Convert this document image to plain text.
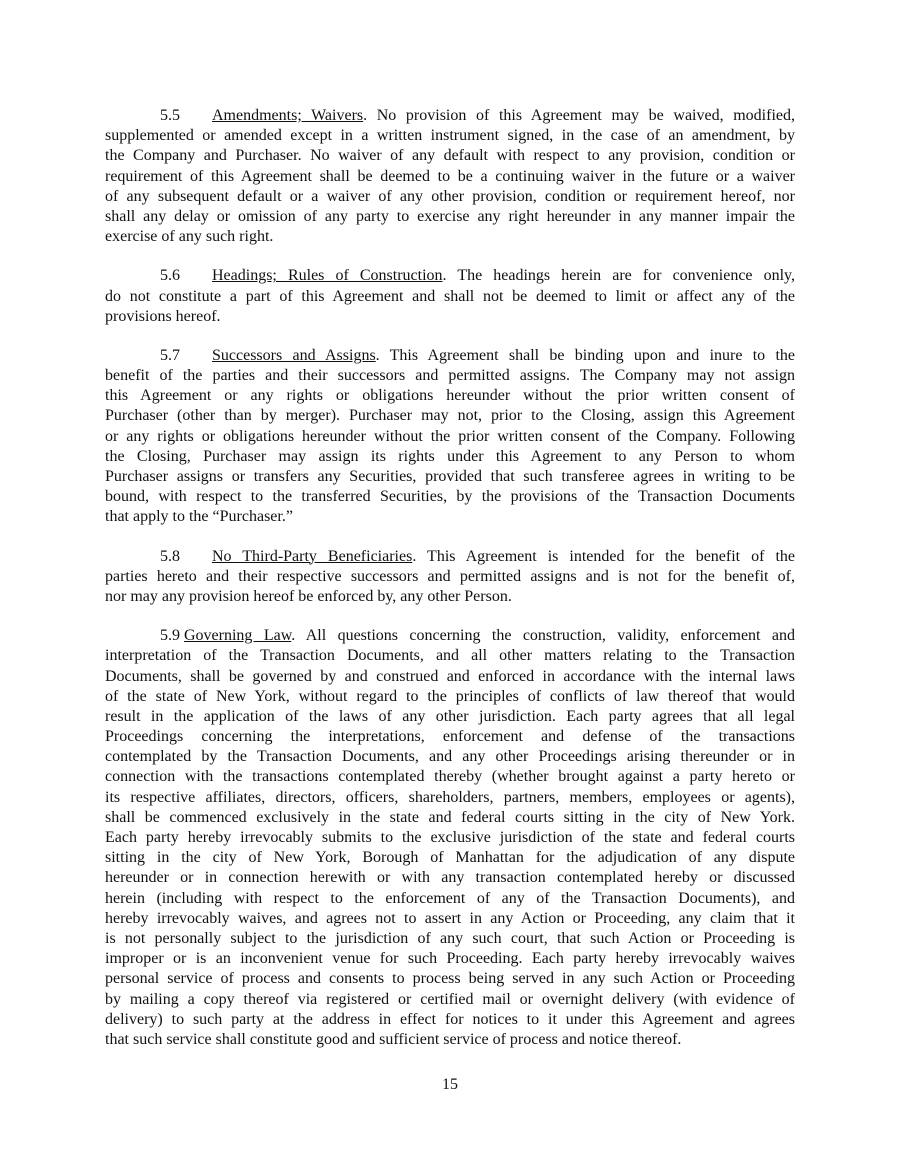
5.5 Amendments; Waivers. No provision of this Agreement may be waived, modified,
supplemented or amended except in a written instrument signed, in the case of an amendment, by
the Company and Purchaser. No waiver of any default with respect to any provision, condition or
requirement of this Agreement shall be deemed to be a continuing waiver in the future or a waiver
of any subsequent default or a waiver of any other provision, condition or requirement hereof, nor
shall any delay or omission of any party to exercise any right hereunder in any manner impair the
exercise of any such right.
5.6 Headings; Rules of Construction. The headings herein are for convenience only,
do not constitute a part of this Agreement and shall not be deemed to limit or affect any of the
provisions hereof.
5.7 Successors and Assigns. This Agreement shall be binding upon and inure to the
benefit of the parties and their successors and permitted assigns. The Company may not assign
this Agreement or any rights or obligations hereunder without the prior written consent of
Purchaser (other than by merger). Purchaser may not, prior to the Closing, assign this Agreement
or any rights or obligations hereunder without the prior written consent of the Company. Following
the Closing, Purchaser may assign its rights under this Agreement to any Person to whom
Purchaser assigns or transfers any Securities, provided that such transferee agrees in writing to be
bound, with respect to the transferred Securities, by the provisions of the Transaction Documents
that apply to the “Purchaser.”
5.8 No Third-Party Beneficiaries. This Agreement is intended for the benefit of the
parties hereto and their respective successors and permitted assigns and is not for the benefit of,
nor may any provision hereof be enforced by, any other Person.
5.9 Governing Law. All questions concerning the construction, validity, enforcement and
interpretation of the Transaction Documents, and all other matters relating to the Transaction
Documents, shall be governed by and construed and enforced in accordance with the internal laws
of the state of New York, without regard to the principles of conflicts of law thereof that would
result in the application of the laws of any other jurisdiction. Each party agrees that all legal
Proceedings concerning the interpretations, enforcement and defense of the transactions
contemplated by the Transaction Documents, and any other Proceedings arising thereunder or in
connection with the transactions contemplated thereby (whether brought against a party hereto or
its respective affiliates, directors, officers, shareholders, partners, members, employees or agents),
shall be commenced exclusively in the state and federal courts sitting in the city of New York.
Each party hereby irrevocably submits to the exclusive jurisdiction of the state and federal courts
sitting in the city of New York, Borough of Manhattan for the adjudication of any dispute
hereunder or in connection herewith or with any transaction contemplated hereby or discussed
herein (including with respect to the enforcement of any of the Transaction Documents), and
hereby irrevocably waives, and agrees not to assert in any Action or Proceeding, any claim that it
is not personally subject to the jurisdiction of any such court, that such Action or Proceeding is
improper or is an inconvenient venue for such Proceeding. Each party hereby irrevocably waives
personal service of process and consents to process being served in any such Action or Proceeding
by mailing a copy thereof via registered or certified mail or overnight delivery (with evidence of
delivery) to such party at the address in effect for notices to it under this Agreement and agrees
that such service shall constitute good and sufficient service of process and notice thereof.
15
